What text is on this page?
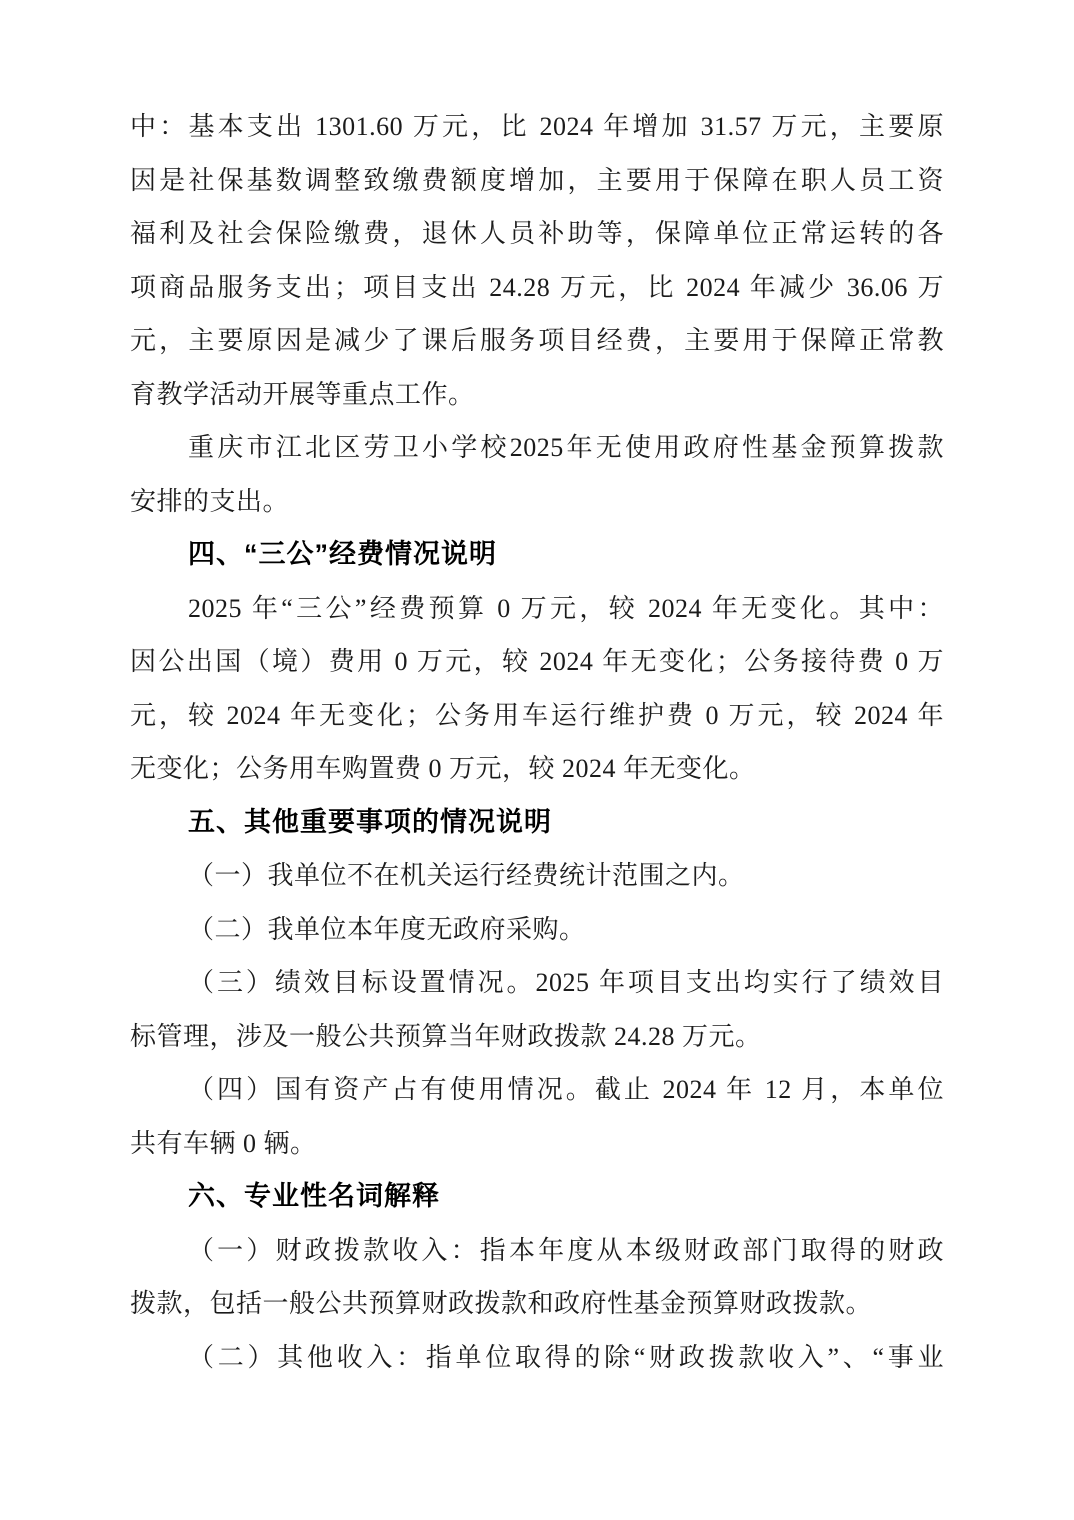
中：基本支出 1301.60 万元，比 2024 年增加 31.57 万元，主要原

因是社保基数调整致缴费额度增加，主要用于保障在职人员工资

福利及社会保险缴费，退休人员补助等，保障单位正常运转的各

项商品服务支出；项目支出 24.28 万元，比 2024 年减少 36.06 万

元，主要原因是减少了课后服务项目经费，主要用于保障正常教

育教学活动开展等重点工作。

重庆市江北区劳卫小学校2025年无使用政府性基金预算拨款

安排的支出。

四、“三公”经费情况说明

2025 年“三公”经费预算 0 万元，较 2024 年无变化。其中：

因公出国（境）费用 0 万元，较 2024 年无变化；公务接待费 0 万

元，较 2024 年无变化；公务用车运行维护费 0 万元，较 2024 年

无变化；公务用车购置费 0 万元，较 2024 年无变化。

五、其他重要事项的情况说明

（一）我单位不在机关运行经费统计范围之内。

（二）我单位本年度无政府采购。

（三）绩效目标设置情况。2025 年项目支出均实行了绩效目

标管理，涉及一般公共预算当年财政拨款 24.28 万元。

（四）国有资产占有使用情况。截止 2024 年 12 月，本单位

共有车辆 0 辆。

六、专业性名词解释

（一）财政拨款收入：指本年度从本级财政部门取得的财政

拨款，包括一般公共预算财政拨款和政府性基金预算财政拨款。

（二）其他收入：指单位取得的除“财政拨款收入”、“事业
